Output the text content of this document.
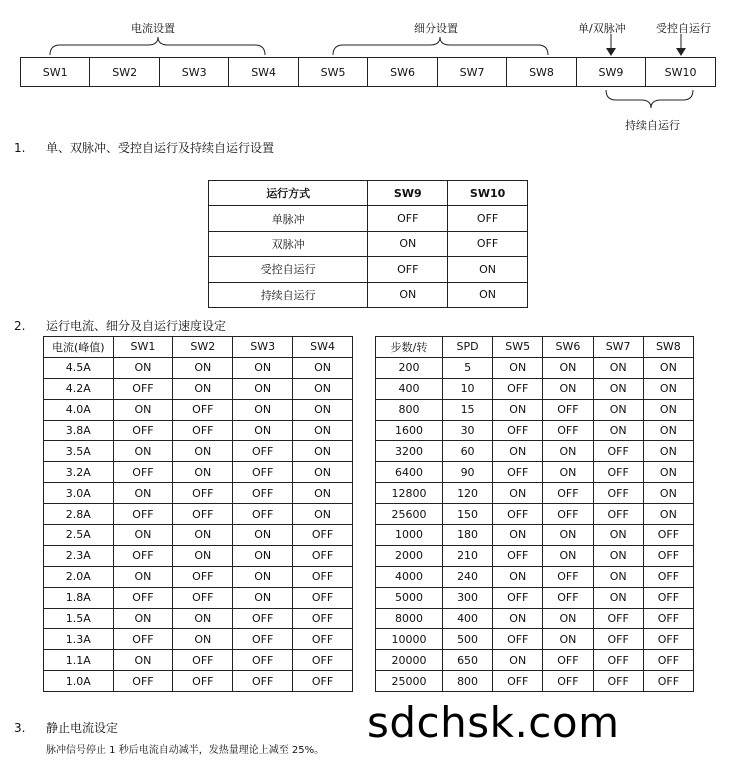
电流设置	细分设置	单/双脉冲	受控自运行
持续自运行
SW1	SW2	SW3	SW4	SW5	SW6	SW7	SW8	SW9	SW10
1. 单、双脉冲、受控自运行及持续自运行设置
运行方式	SW9	SW10
单脉冲	OFF	OFF
双脉冲	ON	OFF
受控自运行	OFF	ON
持续自运行	ON	ON
2. 运行电流、细分及自运行速度设定
电流(峰值)	SW1	SW2	SW3	SW4
4.5A	ON	ON	ON	ON
4.2A	OFF	ON	ON	ON
4.0A	ON	OFF	ON	ON
3.8A	OFF	OFF	ON	ON
3.5A	ON	ON	OFF	ON
3.2A	OFF	ON	OFF	ON
3.0A	ON	OFF	OFF	ON
2.8A	OFF	OFF	OFF	ON
2.5A	ON	ON	ON	OFF
2.3A	OFF	ON	ON	OFF
2.0A	ON	OFF	ON	OFF
1.8A	OFF	OFF	ON	OFF
1.5A	ON	ON	OFF	OFF
1.3A	OFF	ON	OFF	OFF
1.1A	ON	OFF	OFF	OFF
1.0A	OFF	OFF	OFF	OFF
步数/转	SPD	SW5	SW6	SW7	SW8
200	5	ON	ON	ON	ON
400	10	OFF	ON	ON	ON
800	15	ON	OFF	ON	ON
1600	30	OFF	OFF	ON	ON
3200	60	ON	ON	OFF	ON
6400	90	OFF	ON	OFF	ON
12800	120	ON	OFF	OFF	ON
25600	150	OFF	OFF	OFF	ON
1000	180	ON	ON	ON	OFF
2000	210	OFF	ON	ON	OFF
4000	240	ON	OFF	ON	OFF
5000	300	OFF	OFF	ON	OFF
8000	400	ON	ON	OFF	OFF
10000	500	OFF	ON	OFF	OFF
20000	650	ON	OFF	OFF	OFF
25000	800	OFF	OFF	OFF	OFF
3. 静止电流设定
脉冲信号停止 1 秒后电流自动减半，发热量理论上减至 25%。
sdchsk.com
